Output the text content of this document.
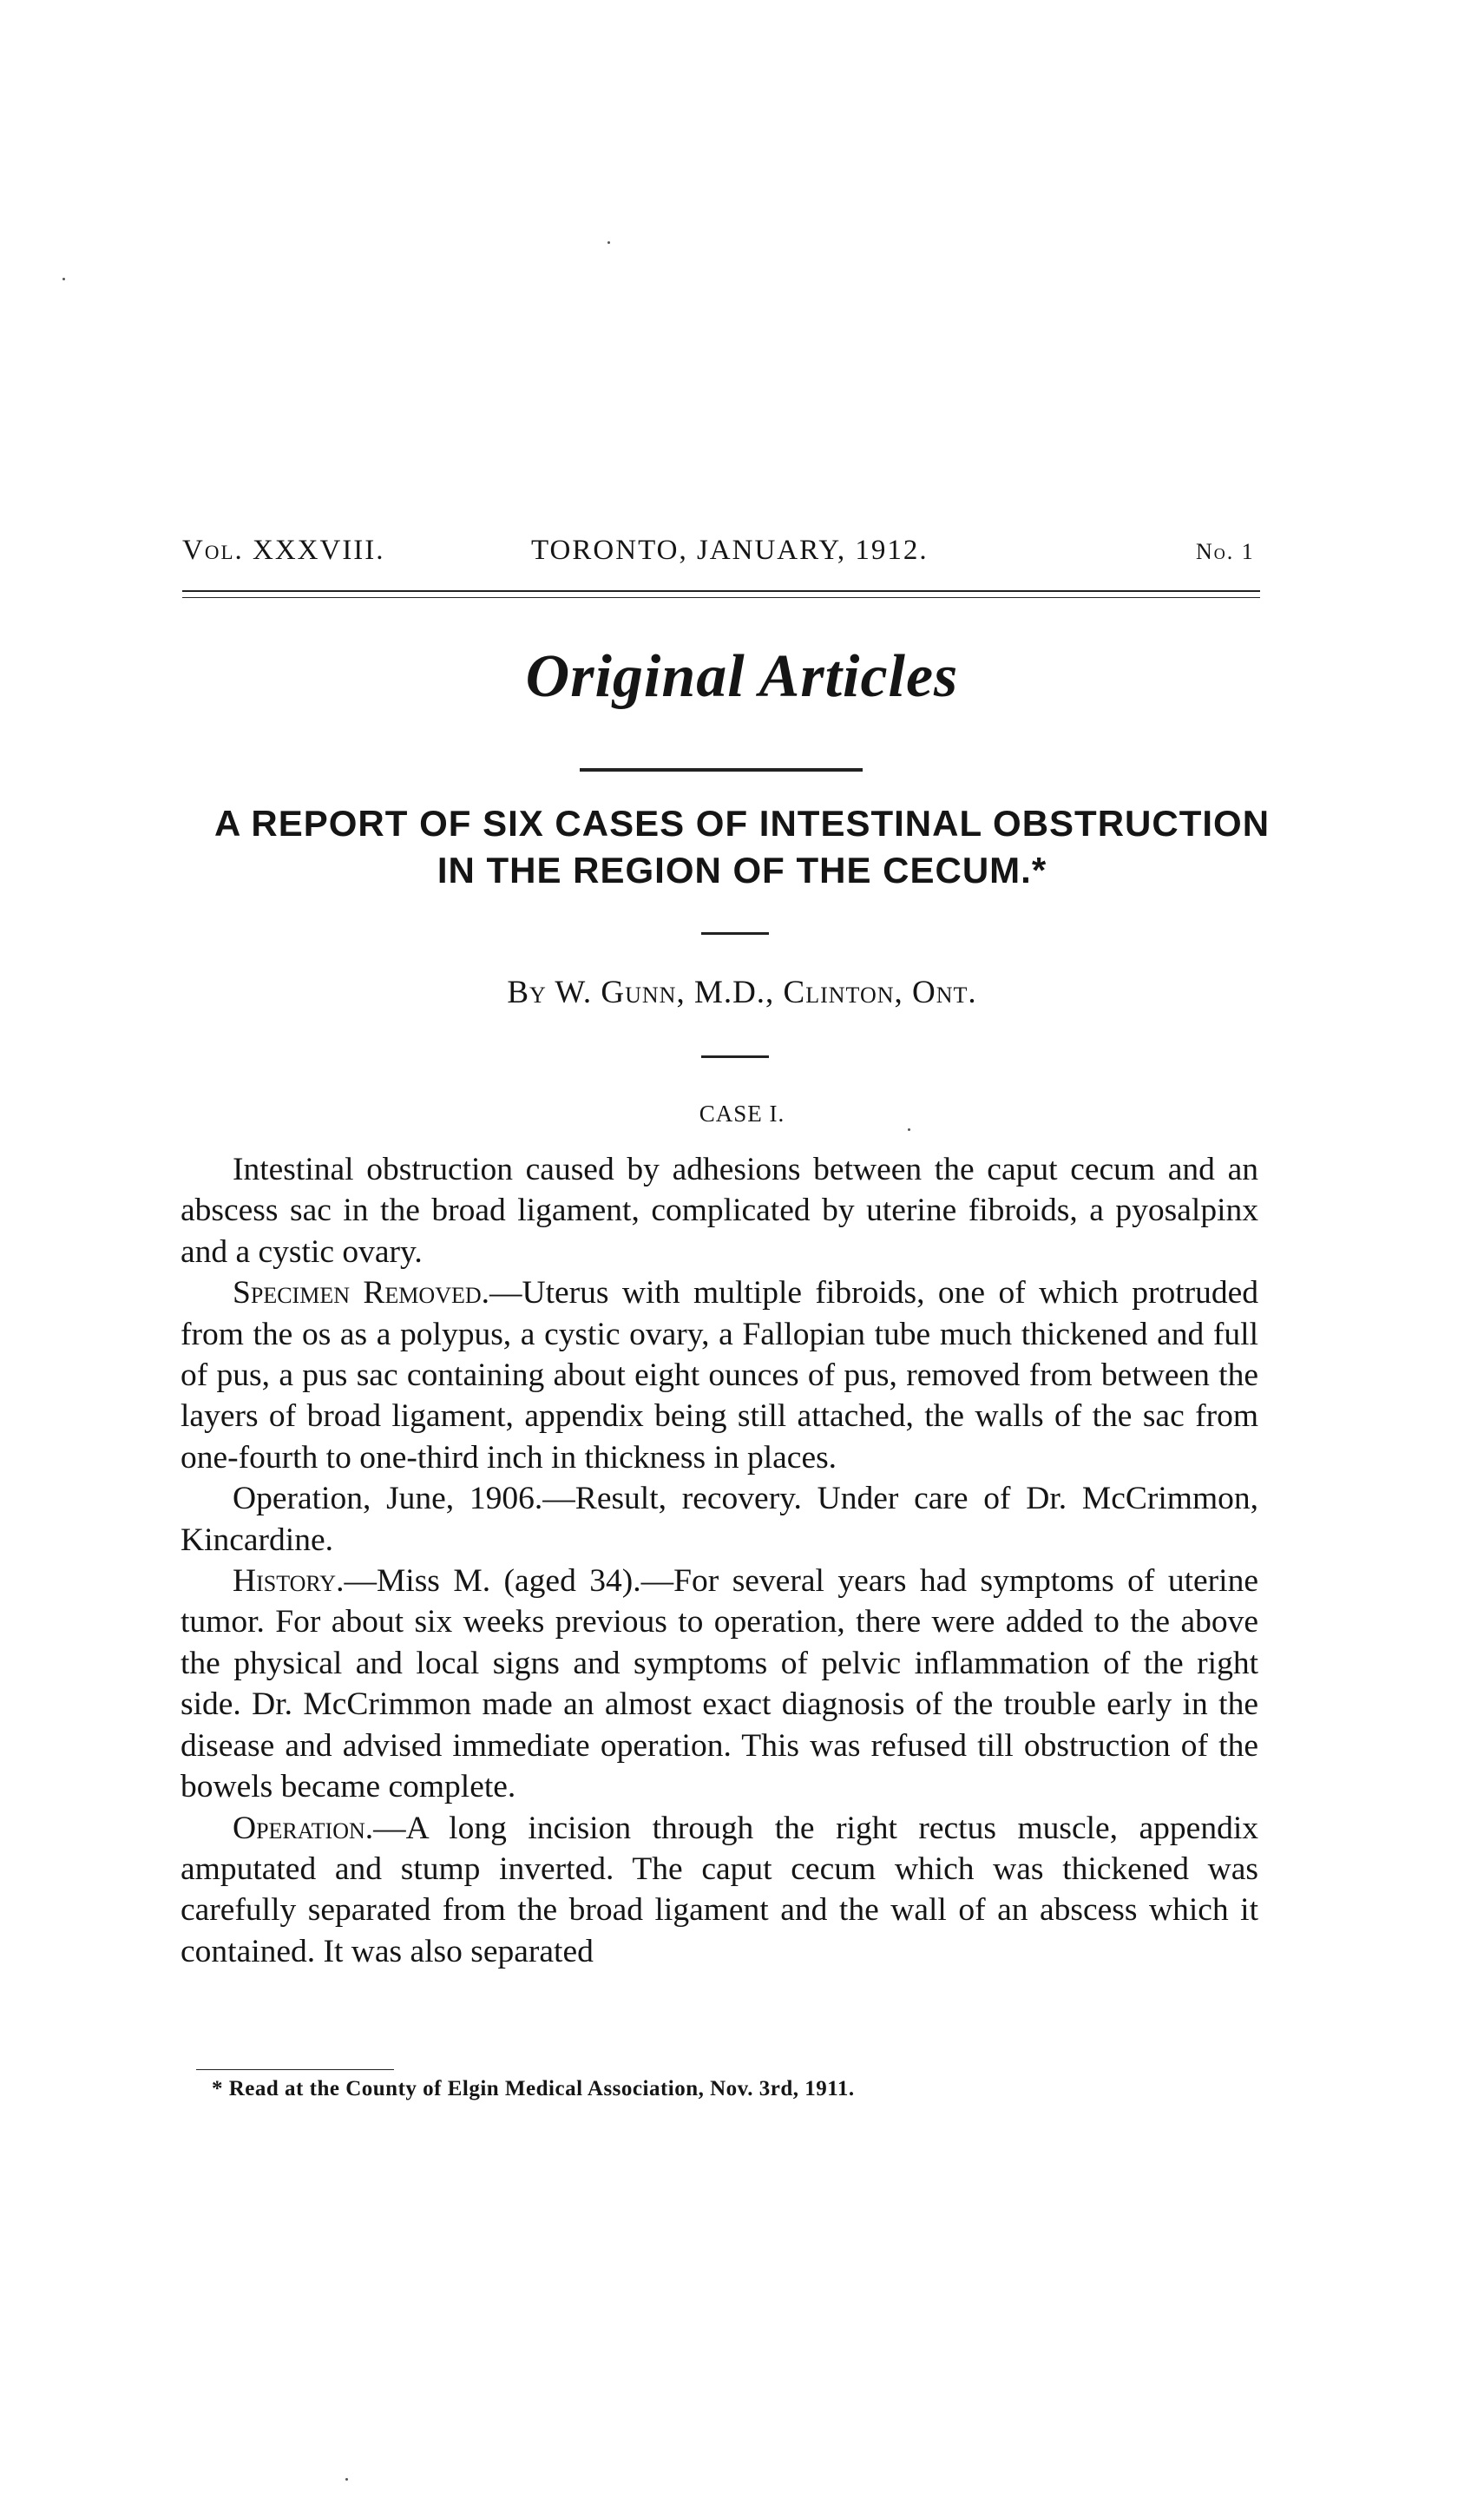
Vol. XXXVIII.	TORONTO, JANUARY, 1912.	No. 1
Original Articles
A REPORT OF SIX CASES OF INTESTINAL OBSTRUCTION
IN THE REGION OF THE CECUM.*
By W. Gunn, M.D., Clinton, Ont.
CASE I.

Intestinal obstruction caused by adhesions between the caput cecum and an abscess sac in the broad ligament, complicated by uterine fibroids, a pyosalpinx and a cystic ovary.

Specimen Removed.—Uterus with multiple fibroids, one of which protruded from the os as a polypus, a cystic ovary, a Fallopian tube much thickened and full of pus, a pus sac containing about eight ounces of pus, removed from between the layers of broad ligament, appendix being still attached, the walls of the sac from one-fourth to one-third inch in thickness in places.

Operation, June, 1906.—Result, recovery. Under care of Dr. McCrimmon, Kincardine.

History.—Miss M. (aged 34).—For several years had symptoms of uterine tumor. For about six weeks previous to operation, there were added to the above the physical and local signs and symptoms of pelvic inflammation of the right side. Dr. McCrimmon made an almost exact diagnosis of the trouble early in the disease and advised immediate operation. This was refused till obstruction of the bowels became complete.

Operation.—A long incision through the right rectus muscle, appendix amputated and stump inverted. The caput cecum which was thickened was carefully separated from the broad ligament and the wall of an abscess which it contained. It was also separated

* Read at the County of Elgin Medical Association, Nov. 3rd, 1911.
